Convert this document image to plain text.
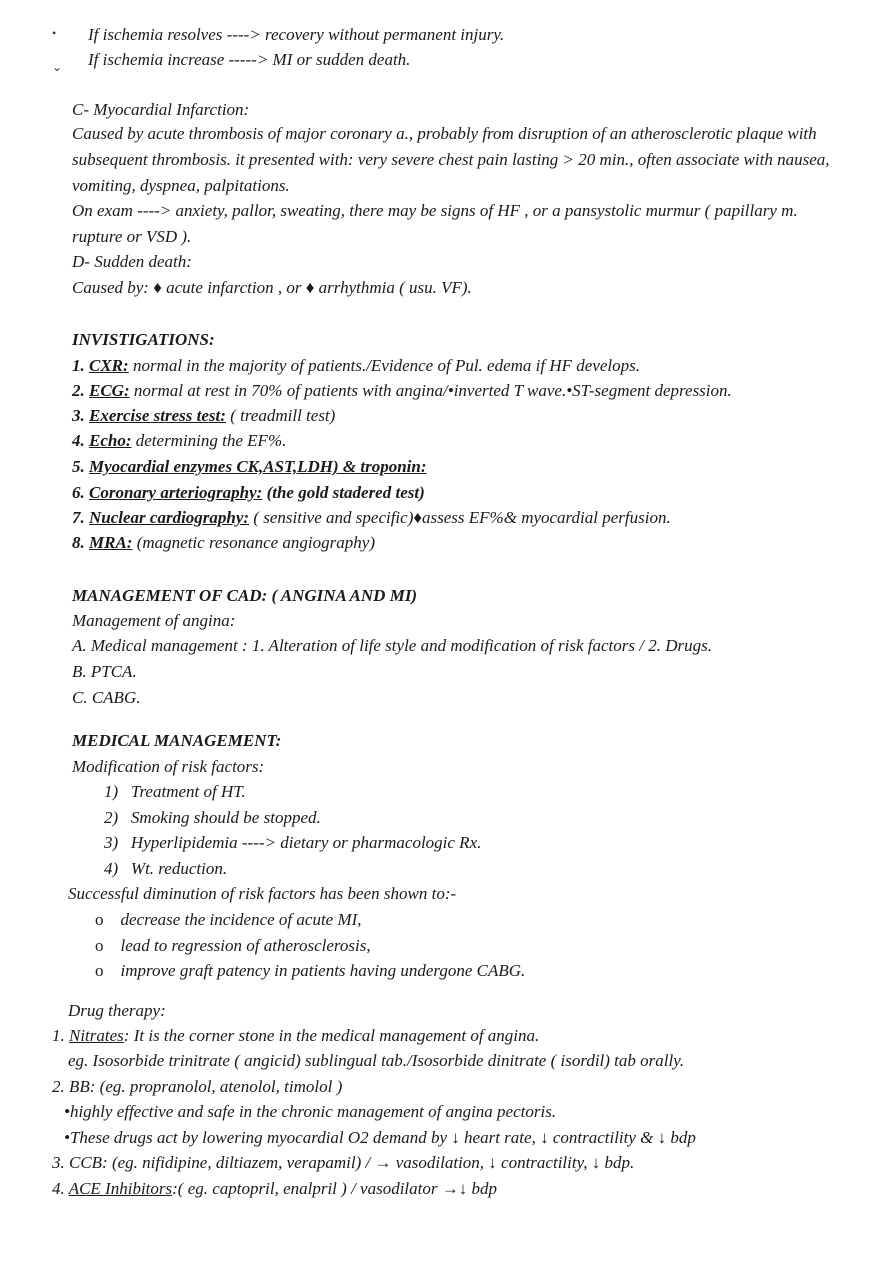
•
⌄
If ischemia resolves ----> recovery without permanent injury.
If ischemia increase -----> MI or sudden death.
C- Myocardial Infarction:
Caused by acute thrombosis of major coronary a., probably from disruption of an atherosclerotic plaque with
subsequent thrombosis. it presented with: very severe chest pain lasting > 20 min., often associate with nausea,
vomiting, dyspnea, palpitations.
On exam ----> anxiety, pallor, sweating, there may be signs of HF , or a pansystolic murmur ( papillary m.
rupture or VSD ).
D- Sudden death:
Caused by: ♦ acute infarction , or ♦ arrhythmia ( usu. VF).
INVISTIGATIONS:
1. CXR: normal in the majority of patients./Evidence of Pul. edema if HF develops.
2. ECG: normal at rest in 70% of patients with angina/•inverted T wave.•ST-segment depression.
3. Exercise stress test: ( treadmill test)
4. Echo: determining the EF%.
5. Myocardial enzymes CK,AST,LDH) & troponin:
6. Coronary arteriography: (the gold stadered test)
7. Nuclear cardiography: ( sensitive and specific)♦assess EF%& myocardial perfusion.
8. MRA: (magnetic resonance angiography)
MANAGEMENT OF CAD: ( ANGINA AND MI)
Management of angina:
A. Medical management : 1. Alteration of life style and modification of risk factors / 2. Drugs.
B. PTCA.
C. CABG.
MEDICAL MANAGEMENT:
Modification of risk factors:
1) Treatment of HT.
2) Smoking should be stopped.
3) Hyperlipidemia ----> dietary or pharmacologic Rx.
4) Wt. reduction.
Successful diminution of risk factors has been shown to:-
o decrease the incidence of acute MI,
o lead to regression of atherosclerosis,
o improve graft patency in patients having undergone CABG.
Drug therapy:
1. Nitrates: It is the corner stone in the medical management of angina.
eg. Isosorbide trinitrate ( angicid) sublingual tab./Isosorbide dinitrate ( isordil) tab orally.
2. BB: (eg. propranolol, atenolol, timolol )
•highly effective and safe in the chronic management of angina pectoris.
•These drugs act by lowering myocardial O2 demand by ↓ heart rate, ↓ contractility & ↓ bdp
3. CCB: (eg. nifidipine, diltiazem, verapamil) / → vasodilation, ↓ contractility, ↓ bdp.
4. ACE Inhibitors:( eg. captopril, enalpril ) / vasodilator →↓ bdp
